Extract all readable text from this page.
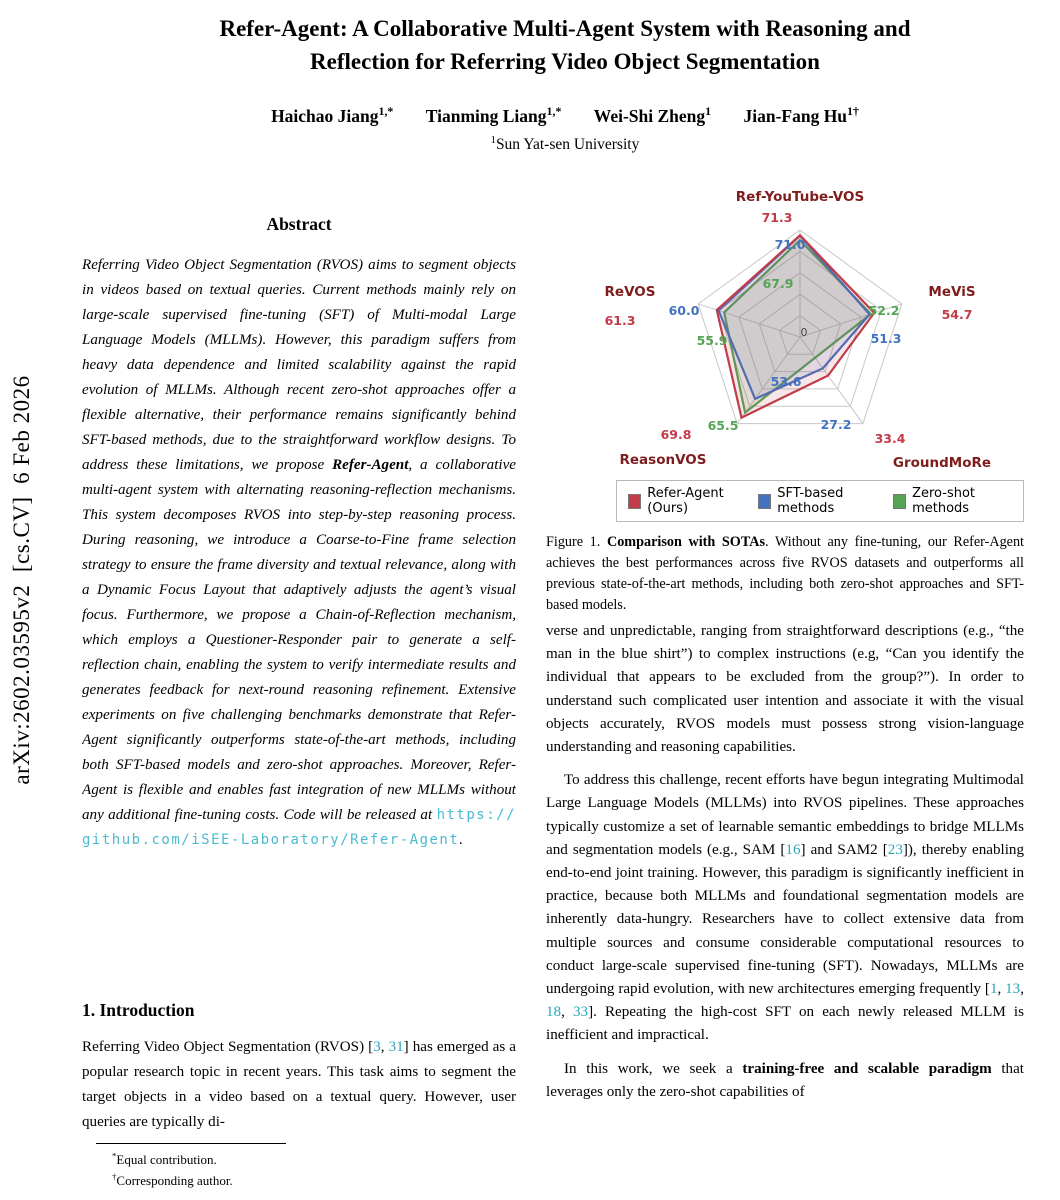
arXiv:2602.03595v2  [cs.CV]  6 Feb 2026
Refer-Agent: A Collaborative Multi-Agent System with Reasoning and
Reflection for Referring Video Object Segmentation
Haichao Jiang$^{1,*}$ Tianming Liang$^{1,*}$ Wei-Shi Zheng$^1$ Jian-Fang $Hu^{1\dagger}$
$^1$Sun Yat-sen University
Abstract
Referring Video Object Segmentation (RVOS) aims to segment objects in videos based on textual queries. Current methods mainly rely on large-scale supervised fine-tuning (SFT) of Multi-modal Large Language Models (MLLMs). However, this paradigm suffers from heavy data dependence and limited scalability against the rapid evolution of MLLMs. Although recent zero-shot approaches offer a flexible alternative, their performance remains significantly behind SFT-based methods, due to the straightforward workflow designs. To address these limitations, we propose Refer-Agent, a collaborative multi-agent system with alternating reasoning-reflection mechanisms. This system decomposes RVOS into step-by-step reasoning process. During reasoning, we introduce a Coarse-to-Fine frame selection strategy to ensure the frame diversity and textual relevance, along with a Dynamic Focus Layout that adaptively adjusts the agent’s visual focus. Furthermore, we propose a Chain-of-Reflection mechanism, which employs a Questioner-Responder pair to generate a self-reflection chain, enabling the system to verify intermediate results and generates feedback for next-round reasoning refinement. Extensive experiments on five challenging benchmarks demonstrate that Refer-Agent significantly outperforms state-of-the-art methods, including both SFT-based models and zero-shot approaches. Moreover, Refer-Agent is flexible and enables fast integration of new MLLMs without any additional fine-tuning costs. Code will be released at https://github.com/iSEE-Laboratory/Refer-Agent.
1. Introduction

Referring Video Object Segmentation (RVOS) [3, 31] has emerged as a popular research topic in recent years. This task aims to segment the target objects in a video based on a textual query. However, user queries are typically di-

*Equal contribution.
†Corresponding author.
Ref-YouTube-VOS
MeViS
GroundMoRe
ReasonVOS
ReVOS
71.3
54.7
33.4
69.8
61.3
71.0
51.3
27.2
53.6
60.0
67.9
52.2
65.5
55.9
0
Refer-Agent (Ours)
SFT-based methods
Zero-shot methods
Figure 1. Comparison with SOTAs. Without any fine-tuning, our Refer-Agent achieves the best performances across five RVOS datasets and outperforms all previous state-of-the-art methods, including both zero-shot approaches and SFT-based models.

verse and unpredictable, ranging from straightforward descriptions (e.g., “the man in the blue shirt”) to complex instructions (e.g, “Can you identify the individual that appears to be excluded from the group?”). In order to understand such complicated user intention and associate it with the visual objects accurately, RVOS models must possess strong vision-language understanding and reasoning capabilities.

To address this challenge, recent efforts have begun integrating Multimodal Large Language Models (MLLMs) into RVOS pipelines. These approaches typically customize a set of learnable semantic embeddings to bridge MLLMs and segmentation models (e.g., SAM [16] and SAM2 [23]), thereby enabling end-to-end joint training. However, this paradigm is significantly inefficient in practice, because both MLLMs and foundational segmentation models are inherently data-hungry. Researchers have to collect extensive data from multiple sources and consume considerable computational resources to conduct large-scale supervised fine-tuning (SFT). Nowadays, MLLMs are undergoing rapid evolution, with new architectures emerging frequently [1, 13, 18, 33]. Repeating the high-cost SFT on each newly released MLLM is inefficient and impractical.

In this work, we seek a training-free and scalable paradigm that leverages only the zero-shot capabilities of
